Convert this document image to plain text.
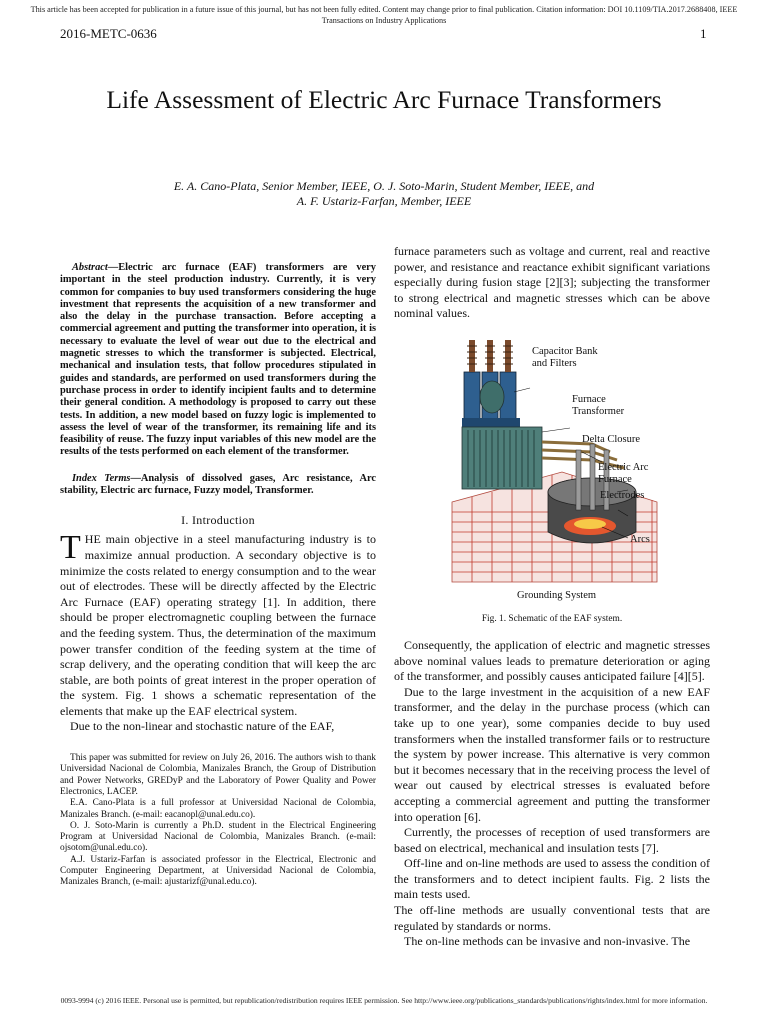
This article has been accepted for publication in a future issue of this journal, but has not been fully edited. Content may change prior to final publication. Citation information: DOI 10.1109/TIA.2017.2688408, IEEE Transactions on Industry Applications
2016-METC-0636	1
Life Assessment of Electric Arc Furnace Transformers
E. A. Cano-Plata, Senior Member, IEEE, O. J. Soto-Marin, Student Member, IEEE, and
A. F. Ustariz-Farfan, Member, IEEE

Abstract—Electric arc furnace (EAF) transformers are very important in the steel production industry. Currently, it is very common for companies to buy used transformers considering the huge investment that represents the acquisition of a new transformer and also the delay in the purchase transaction. Before accepting a commercial agreement and putting the transformer into operation, it is necessary to evaluate the level of wear out due to the electrical and magnetic stresses to which the transformer is subjected. Electrical, mechanical and insulation tests, that follow procedures stipulated in guides and standards, are performed on used transformers during the purchase process in order to identify incipient faults and to determine their general condition. A methodology is proposed to carry out these tests. In addition, a new model based on fuzzy logic is implemented to assess the level of wear of the transformer, its remaining life and its feasibility of reuse. The fuzzy input variables of this new model are the results of the tests performed on each element of the transformer.

Index Terms—Analysis of dissolved gases, Arc resistance, Arc stability, Electric arc furnace, Fuzzy model, Transformer.

I. Introduction

THE main objective in a steel manufacturing industry is to maximize annual production. A secondary objective is to minimize the costs related to energy consumption and to the wear out of electrodes. These will be directly affected by the Electric Arc Furnace (EAF) operating strategy [1]. In addition, there should be proper electromagnetic coupling between the furnace and the feeding system. Thus, the determination of the maximum power transfer condition of the feeding system at the time of scrap delivery, and the operating condition that will keep the arc stable, are both points of great interest in the proper operation of the system. Fig. 1 shows a schematic representation of the elements that make up the EAF electrical system.

Due to the non-linear and stochastic nature of the EAF,

This paper was submitted for review on July 26, 2016. The authors wish to thank Universidad Nacional de Colombia, Manizales Branch, the Group of Distribution and Power Networks, GREDyP and the Laboratory of Power Quality and Power Electronics, LACEP.

E.A. Cano-Plata is a full professor at Universidad Nacional de Colombia, Manizales Branch. (e-mail: eacanopl@unal.edu.co).

O. J. Soto-Marin is currently a Ph.D. student in the Electrical Engineering Program at Universidad Nacional de Colombia, Manizales Branch. (e-mail: ojsotom@unal.edu.co).

A.J. Ustariz-Farfan is associated professor in the Electrical, Electronic and Computer Engineering Department, at Universidad Nacional de Colombia, Manizales Branch, (e-mail: ajustarizf@unal.edu.co).

furnace parameters such as voltage and current, real and reactive power, and resistance and reactance exhibit significant variations especially during fusion stage [2][3]; subjecting the transformer to strong electrical and magnetic stresses which can be above nominal values.

Capacitor Bank
and Filters
Furnace
Transformer
Delta Closure
Electric Arc
Furnace
Electrodes
Arcs
Grounding System
Fig. 1. Schematic of the EAF system.

Consequently, the application of electric and magnetic stresses above nominal values leads to premature deterioration or aging of the transformer, and possibly causes anticipated failure [4][5].

Due to the large investment in the acquisition of a new EAF transformer, and the delay in the purchase process (which can take up to one year), some companies decide to buy used transformers when the installed transformer fails or to restructure the system by power increase. This alternative is very common but it becomes necessary that in the receiving process the level of wear out caused by electrical stresses is evaluated before accepting a commercial agreement and putting the transformer into operation [6].

Currently, the processes of reception of used transformers are based on electrical, mechanical and insulation tests [7].

Off-line and on-line methods are used to assess the condition of the transformers and to detect incipient faults. Fig. 2 lists the main tests used.

The off-line methods are usually conventional tests that are regulated by standards or norms.

The on-line methods can be invasive and non-invasive. The

0093-9994 (c) 2016 IEEE. Personal use is permitted, but republication/redistribution requires IEEE permission. See http://www.ieee.org/publications_standards/publications/rights/index.html for more information.
